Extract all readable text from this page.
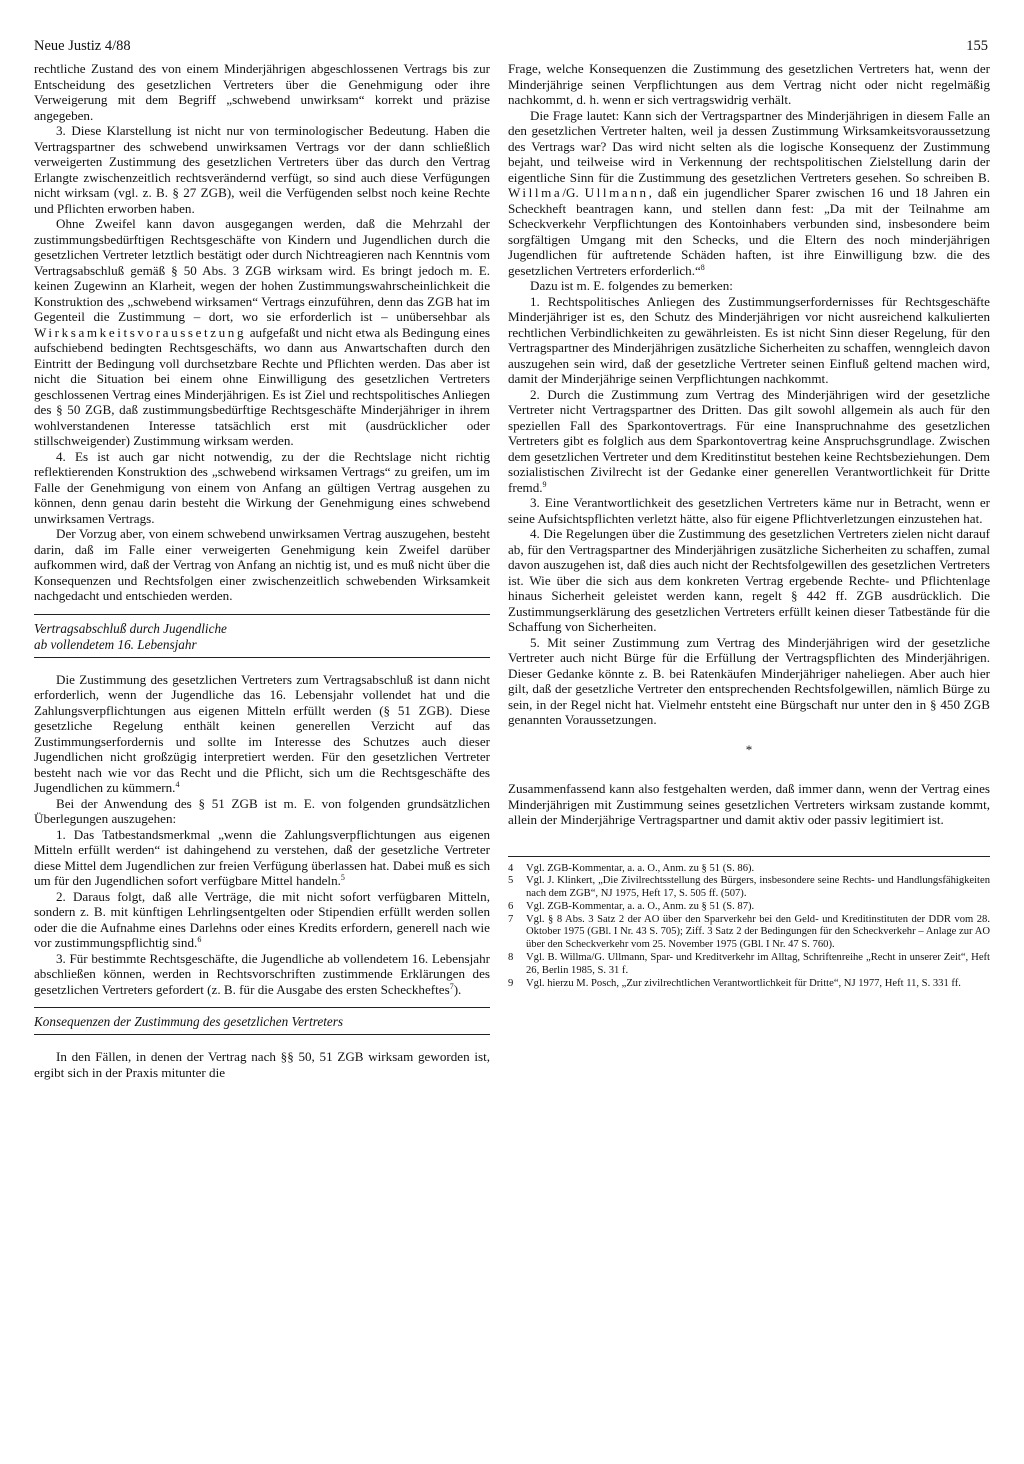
Neue Justiz 4/88	155

rechtliche Zustand des von einem Minderjährigen abgeschlossenen Vertrags bis zur Entscheidung des gesetzlichen Vertreters über die Genehmigung oder ihre Verweigerung mit dem Begriff „schwebend unwirksam“ korrekt und präzise angegeben.

3. Diese Klarstellung ist nicht nur von terminologischer Bedeutung. Haben die Vertragspartner des schwebend unwirksamen Vertrags vor der dann schließlich verweigerten Zustimmung des gesetzlichen Vertreters über das durch den Vertrag Erlangte zwischenzeitlich rechtsverändernd verfügt, so sind auch diese Verfügungen nicht wirksam (vgl. z. B. § 27 ZGB), weil die Verfügenden selbst noch keine Rechte und Pflichten erworben haben.

Ohne Zweifel kann davon ausgegangen werden, daß die Mehrzahl der zustimmungsbedürftigen Rechtsgeschäfte von Kindern und Jugendlichen durch die gesetzlichen Vertreter letztlich bestätigt oder durch Nichtreagieren nach Kenntnis vom Vertragsabschluß gemäß § 50 Abs. 3 ZGB wirksam wird. Es bringt jedoch m. E. keinen Zugewinn an Klarheit, wegen der hohen Zustimmungswahrscheinlichkeit die Konstruktion des „schwebend wirksamen“ Vertrags einzuführen, denn das ZGB hat im Gegenteil die Zustimmung – dort, wo sie erforderlich ist – unübersehbar als Wirksamkeitsvoraussetzung aufgefaßt und nicht etwa als Bedingung eines aufschiebend bedingten Rechtsgeschäfts, wo dann aus Anwartschaften durch den Eintritt der Bedingung voll durchsetzbare Rechte und Pflichten werden. Das aber ist nicht die Situation bei einem ohne Einwilligung des gesetzlichen Vertreters geschlossenen Vertrag eines Minderjährigen. Es ist Ziel und rechtspolitisches Anliegen des § 50 ZGB, daß zustimmungsbedürftige Rechtsgeschäfte Minderjähriger in ihrem wohlverstandenen Interesse tatsächlich erst mit (ausdrücklicher oder stillschweigender) Zustimmung wirksam werden.

4. Es ist auch gar nicht notwendig, zu der die Rechtslage nicht richtig reflektierenden Konstruktion des „schwebend wirksamen Vertrags“ zu greifen, um im Falle der Genehmigung von einem von Anfang an gültigen Vertrag ausgehen zu können, denn genau darin besteht die Wirkung der Genehmigung eines schwebend unwirksamen Vertrags.

Der Vorzug aber, von einem schwebend unwirksamen Vertrag auszugehen, besteht darin, daß im Falle einer verweigerten Genehmigung kein Zweifel darüber aufkommen wird, daß der Vertrag von Anfang an nichtig ist, und es muß nicht über die Konsequenzen und Rechtsfolgen einer zwischenzeitlich schwebenden Wirksamkeit nachgedacht und entschieden werden.

Vertragsabschluß durch Jugendliche
ab vollendetem 16. Lebensjahr

Die Zustimmung des gesetzlichen Vertreters zum Vertragsabschluß ist dann nicht erforderlich, wenn der Jugendliche das 16. Lebensjahr vollendet hat und die Zahlungsverpflichtungen aus eigenen Mitteln erfüllt werden (§ 51 ZGB). Diese gesetzliche Regelung enthält keinen generellen Verzicht auf das Zustimmungserfordernis und sollte im Interesse des Schutzes auch dieser Jugendlichen nicht großzügig interpretiert werden. Für den gesetzlichen Vertreter besteht nach wie vor das Recht und die Pflicht, sich um die Rechtsgeschäfte des Jugendlichen zu kümmern.$^4$

Bei der Anwendung des § 51 ZGB ist m. E. von folgenden grundsätzlichen Überlegungen auszugehen:

1. Das Tatbestandsmerkmal „wenn die Zahlungsverpflichtungen aus eigenen Mitteln erfüllt werden“ ist dahingehend zu verstehen, daß der gesetzliche Vertreter diese Mittel dem Jugendlichen zur freien Verfügung überlassen hat. Dabei muß es sich um für den Jugendlichen sofort verfügbare Mittel handeln.$^5$

2. Daraus folgt, daß alle Verträge, die mit nicht sofort verfügbaren Mitteln, sondern z. B. mit künftigen Lehrlingsentgelten oder Stipendien erfüllt werden sollen oder die die Aufnahme eines Darlehns oder eines Kredits erfordern, generell nach wie vor zustimmungspflichtig sind.$^6$

3. Für bestimmte Rechtsgeschäfte, die Jugendliche ab vollendetem 16. Lebensjahr abschließen können, werden in Rechtsvorschriften zustimmende Erklärungen des gesetzlichen Vertreters gefordert (z. B. für die Ausgabe des ersten Scheckheftes$^7$).

Konsequenzen der Zustimmung des gesetzlichen Vertreters

In den Fällen, in denen der Vertrag nach §§ 50, 51 ZGB wirksam geworden ist, ergibt sich in der Praxis mitunter die

Frage, welche Konsequenzen die Zustimmung des gesetzlichen Vertreters hat, wenn der Minderjährige seinen Verpflichtungen aus dem Vertrag nicht oder nicht regelmäßig nachkommt, d. h. wenn er sich vertragswidrig verhält.

Die Frage lautet: Kann sich der Vertragspartner des Minderjährigen in diesem Falle an den gesetzlichen Vertreter halten, weil ja dessen Zustimmung Wirksamkeitsvoraussetzung des Vertrags war? Das wird nicht selten als die logische Konsequenz der Zustimmung bejaht, und teilweise wird in Verkennung der rechtspolitischen Zielstellung darin der eigentliche Sinn für die Zustimmung des gesetzlichen Vertreters gesehen. So schreiben B. Willma/G. Ullmann, daß ein jugendlicher Sparer zwischen 16 und 18 Jahren ein Scheckheft beantragen kann, und stellen dann fest: „Da mit der Teilnahme am Scheckverkehr Verpflichtungen des Kontoinhabers verbunden sind, insbesondere beim sorgfältigen Umgang mit den Schecks, und die Eltern des noch minderjährigen Jugendlichen für auftretende Schäden haften, ist ihre Einwilligung bzw. die des gesetzlichen Vertreters erforderlich.“$^8$

Dazu ist m. E. folgendes zu bemerken:

1. Rechtspolitisches Anliegen des Zustimmungserfordernisses für Rechtsgeschäfte Minderjähriger ist es, den Schutz des Minderjährigen vor nicht ausreichend kalkulierten rechtlichen Verbindlichkeiten zu gewährleisten. Es ist nicht Sinn dieser Regelung, für den Vertragspartner des Minderjährigen zusätzliche Sicherheiten zu schaffen, wenngleich davon auszugehen sein wird, daß der gesetzliche Vertreter seinen Einfluß geltend machen wird, damit der Minderjährige seinen Verpflichtungen nachkommt.

2. Durch die Zustimmung zum Vertrag des Minderjährigen wird der gesetzliche Vertreter nicht Vertragspartner des Dritten. Das gilt sowohl allgemein als auch für den speziellen Fall des Sparkontovertrags. Für eine Inanspruchnahme des gesetzlichen Vertreters gibt es folglich aus dem Sparkontovertrag keine Anspruchsgrundlage. Zwischen dem gesetzlichen Vertreter und dem Kreditinstitut bestehen keine Rechtsbeziehungen. Dem sozialistischen Zivilrecht ist der Gedanke einer generellen Verantwortlichkeit für Dritte fremd.$^9$

3. Eine Verantwortlichkeit des gesetzlichen Vertreters käme nur in Betracht, wenn er seine Aufsichtspflichten verletzt hätte, also für eigene Pflichtverletzungen einzustehen hat.

4. Die Regelungen über die Zustimmung des gesetzlichen Vertreters zielen nicht darauf ab, für den Vertragspartner des Minderjährigen zusätzliche Sicherheiten zu schaffen, zumal davon auszugehen ist, daß dies auch nicht der Rechtsfolgewillen des gesetzlichen Vertreters ist. Wie über die sich aus dem konkreten Vertrag ergebende Rechte- und Pflichtenlage hinaus Sicherheit geleistet werden kann, regelt § 442 ff. ZGB ausdrücklich. Die Zustimmungserklärung des gesetzlichen Vertreters erfüllt keinen dieser Tatbestände für die Schaffung von Sicherheiten.

5. Mit seiner Zustimmung zum Vertrag des Minderjährigen wird der gesetzliche Vertreter auch nicht Bürge für die Erfüllung der Vertragspflichten des Minderjährigen. Dieser Gedanke könnte z. B. bei Ratenkäufen Minderjähriger naheliegen. Aber auch hier gilt, daß der gesetzliche Vertreter den entsprechenden Rechtsfolgewillen, nämlich Bürge zu sein, in der Regel nicht hat. Vielmehr entsteht eine Bürgschaft nur unter den in § 450 ZGB genannten Voraussetzungen.

*

Zusammenfassend kann also festgehalten werden, daß immer dann, wenn der Vertrag eines Minderjährigen mit Zustimmung seines gesetzlichen Vertreters wirksam zustande kommt, allein der Minderjährige Vertragspartner und damit aktiv oder passiv legitimiert ist.

4	Vgl. ZGB-Kommentar, a. a. O., Anm. zu § 51 (S. 86).
5	Vgl. J. Klinkert, „Die Zivilrechtsstellung des Bürgers, insbesondere seine Rechts- und Handlungsfähigkeiten nach dem ZGB“, NJ 1975, Heft 17, S. 505 ff. (507).
6	Vgl. ZGB-Kommentar, a. a. O., Anm. zu § 51 (S. 87).
7	Vgl. § 8 Abs. 3 Satz 2 der AO über den Sparverkehr bei den Geld- und Kreditinstituten der DDR vom 28. Oktober 1975 (GBl. I Nr. 43 S. 705); Ziff. 3 Satz 2 der Bedingungen für den Scheckverkehr – Anlage zur AO über den Scheckverkehr vom 25. November 1975 (GBl. I Nr. 47 S. 760).
8	Vgl. B. Willma/G. Ullmann, Spar- und Kreditverkehr im Alltag, Schriftenreihe „Recht in unserer Zeit“, Heft 26, Berlin 1985, S. 31 f.
9	Vgl. hierzu M. Posch, „Zur zivilrechtlichen Verantwortlichkeit für Dritte“, NJ 1977, Heft 11, S. 331 ff.
